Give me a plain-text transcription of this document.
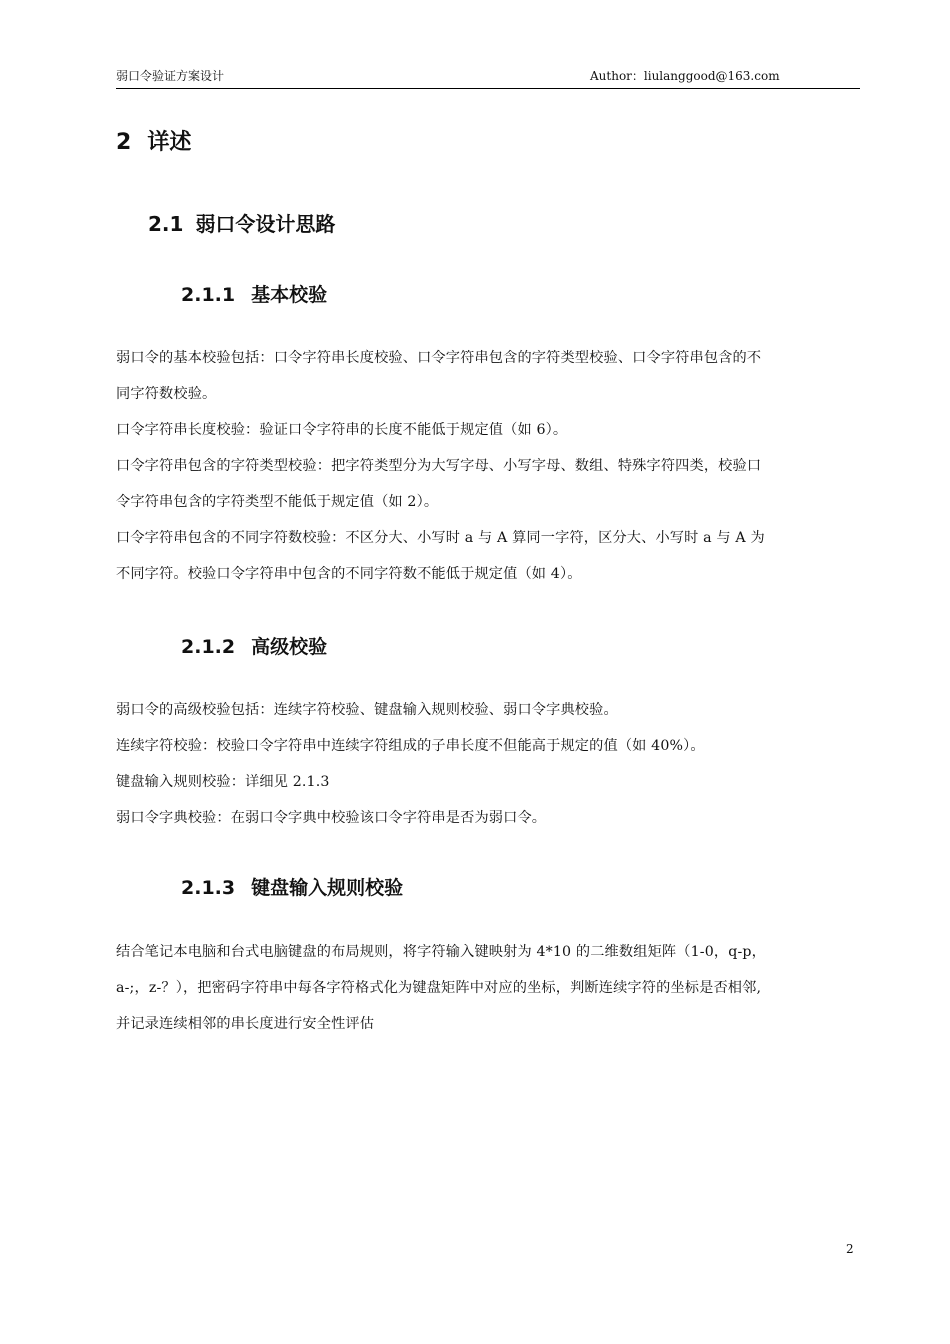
弱口令验证方案设计	Author：liulanggood@163.com
2 详述
2.1 弱口令设计思路
2.1.1 基本校验

弱口令的基本校验包括：口令字符串长度校验、口令字符串包含的字符类型校验、口令字符串包含的不

同字符数校验。

口令字符串长度校验：验证口令字符串的长度不能低于规定值（如 6）。

口令字符串包含的字符类型校验：把字符类型分为大写字母、小写字母、数组、特殊字符四类，校验口

令字符串包含的字符类型不能低于规定值（如 2）。

口令字符串包含的不同字符数校验：不区分大、小写时 a 与 A 算同一字符，区分大、小写时 a 与 A 为

不同字符。校验口令字符串中包含的不同字符数不能低于规定值（如 4）。

2.1.2 高级校验

弱口令的高级校验包括：连续字符校验、键盘输入规则校验、弱口令字典校验。

连续字符校验：校验口令字符串中连续字符组成的子串长度不但能高于规定的值（如 40%）。

键盘输入规则校验：详细见 2.1.3

弱口令字典校验：在弱口令字典中校验该口令字符串是否为弱口令。

2.1.3 键盘输入规则校验

结合笔记本电脑和台式电脑键盘的布局规则，将字符输入键映射为 4*10 的二维数组矩阵（1-0，q-p，

a-;，z-？），把密码字符串中每各字符格式化为键盘矩阵中对应的坐标，判断连续字符的坐标是否相邻,

并记录连续相邻的串长度进行安全性评估

2
